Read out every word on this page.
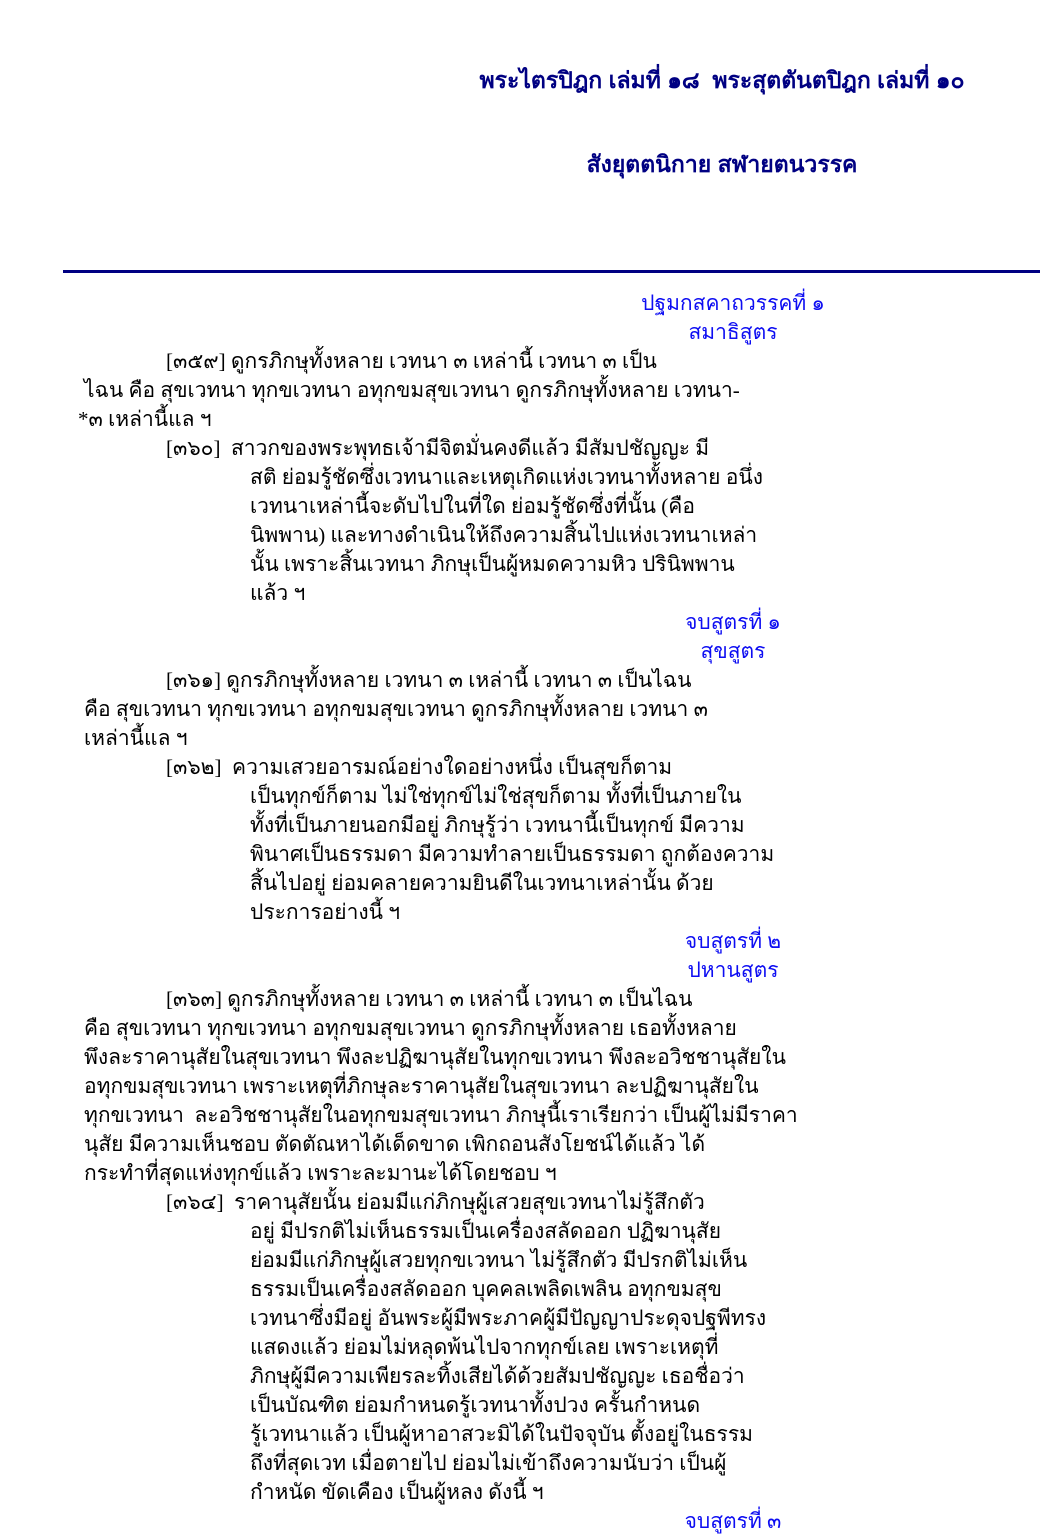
พระไตรปิฎก เล่มที่ ๑๘  พระสุตตันตปิฎก เล่มที่ ๑๐

สังยุตตนิกาย สฬายตนวรรค

ปฐมกสคาถวรรคที่ ๑
สมาธิสูตร
[๓๕๙] ดูกรภิกษุทั้งหลาย เวทนา ๓ เหล่านี้ เวทนา ๓ เป็น
ไฉน คือ สุขเวทนา ทุกขเวทนา อทุกขมสุขเวทนา ดูกรภิกษุทั้งหลาย เวทนา-
*๓ เหล่านี้แล ฯ
[๓๖๐]  สาวกของพระพุทธเจ้ามีจิตมั่นคงดีแล้ว มีสัมปชัญญะ มี
สติ ย่อมรู้ชัดซึ่งเวทนาและเหตุเกิดแห่งเวทนาทั้งหลาย อนึ่ง
เวทนาเหล่านี้จะดับไปในที่ใด ย่อมรู้ชัดซึ่งที่นั้น (คือ
นิพพาน) และทางดำเนินให้ถึงความสิ้นไปแห่งเวทนาเหล่า
นั้น เพราะสิ้นเวทนา ภิกษุเป็นผู้หมดความหิว ปรินิพพาน
แล้ว ฯ
จบสูตรที่ ๑
สุขสูตร
[๓๖๑] ดูกรภิกษุทั้งหลาย เวทนา ๓ เหล่านี้ เวทนา ๓ เป็นไฉน
คือ สุขเวทนา ทุกขเวทนา อทุกขมสุขเวทนา ดูกรภิกษุทั้งหลาย เวทนา ๓
เหล่านี้แล ฯ
[๓๖๒]  ความเสวยอารมณ์อย่างใดอย่างหนึ่ง เป็นสุขก็ตาม
เป็นทุกข์ก็ตาม ไม่ใช่ทุกข์ไม่ใช่สุขก็ตาม ทั้งที่เป็นภายใน
ทั้งที่เป็นภายนอกมีอยู่ ภิกษุรู้ว่า เวทนานี้เป็นทุกข์ มีความ
พินาศเป็นธรรมดา มีความทำลายเป็นธรรมดา ถูกต้องความ
สิ้นไปอยู่ ย่อมคลายความยินดีในเวทนาเหล่านั้น ด้วย
ประการอย่างนี้ ฯ
จบสูตรที่ ๒
ปหานสูตร
[๓๖๓] ดูกรภิกษุทั้งหลาย เวทนา ๓ เหล่านี้ เวทนา ๓ เป็นไฉน
คือ สุขเวทนา ทุกขเวทนา อทุกขมสุขเวทนา ดูกรภิกษุทั้งหลาย เธอทั้งหลาย
พึงละราคานุสัยในสุขเวทนา พึงละปฏิฆานุสัยในทุกขเวทนา พึงละอวิชชานุสัยใน
อทุกขมสุขเวทนา เพราะเหตุที่ภิกษุละราคานุสัยในสุขเวทนา ละปฏิฆานุสัยใน
ทุกขเวทนา  ละอวิชชานุสัยในอทุกขมสุขเวทนา ภิกษุนี้เราเรียกว่า เป็นผู้ไม่มีราคา
นุสัย มีความเห็นชอบ ตัดตัณหาได้เด็ดขาด เพิกถอนสังโยชน์ได้แล้ว ได้
กระทำที่สุดแห่งทุกข์แล้ว เพราะละมานะได้โดยชอบ ฯ
[๓๖๔]  ราคานุสัยนั้น ย่อมมีแก่ภิกษุผู้เสวยสุขเวทนาไม่รู้สึกตัว
อยู่ มีปรกติไม่เห็นธรรมเป็นเครื่องสลัดออก ปฏิฆานุสัย
ย่อมมีแก่ภิกษุผู้เสวยทุกขเวทนา ไม่รู้สึกตัว มีปรกติไม่เห็น
ธรรมเป็นเครื่องสลัดออก บุคคลเพลิดเพลิน อทุกขมสุข
เวทนาซึ่งมีอยู่ อันพระผู้มีพระภาคผู้มีปัญญาประดุจปฐพีทรง
แสดงแล้ว ย่อมไม่หลุดพ้นไปจากทุกข์เลย เพราะเหตุที่
ภิกษุผู้มีความเพียรละทิ้งเสียได้ด้วยสัมปชัญญะ เธอชื่อว่า
เป็นบัณฑิต ย่อมกำหนดรู้เวทนาทั้งปวง ครั้นกำหนด
รู้เวทนาแล้ว เป็นผู้หาอาสวะมิได้ในปัจจุบัน ตั้งอยู่ในธรรม
ถึงที่สุดเวท เมื่อตายไป ย่อมไม่เข้าถึงความนับว่า เป็นผู้
กำหนัด ขัดเคือง เป็นผู้หลง ดังนี้ ฯ
จบสูตรที่ ๓
